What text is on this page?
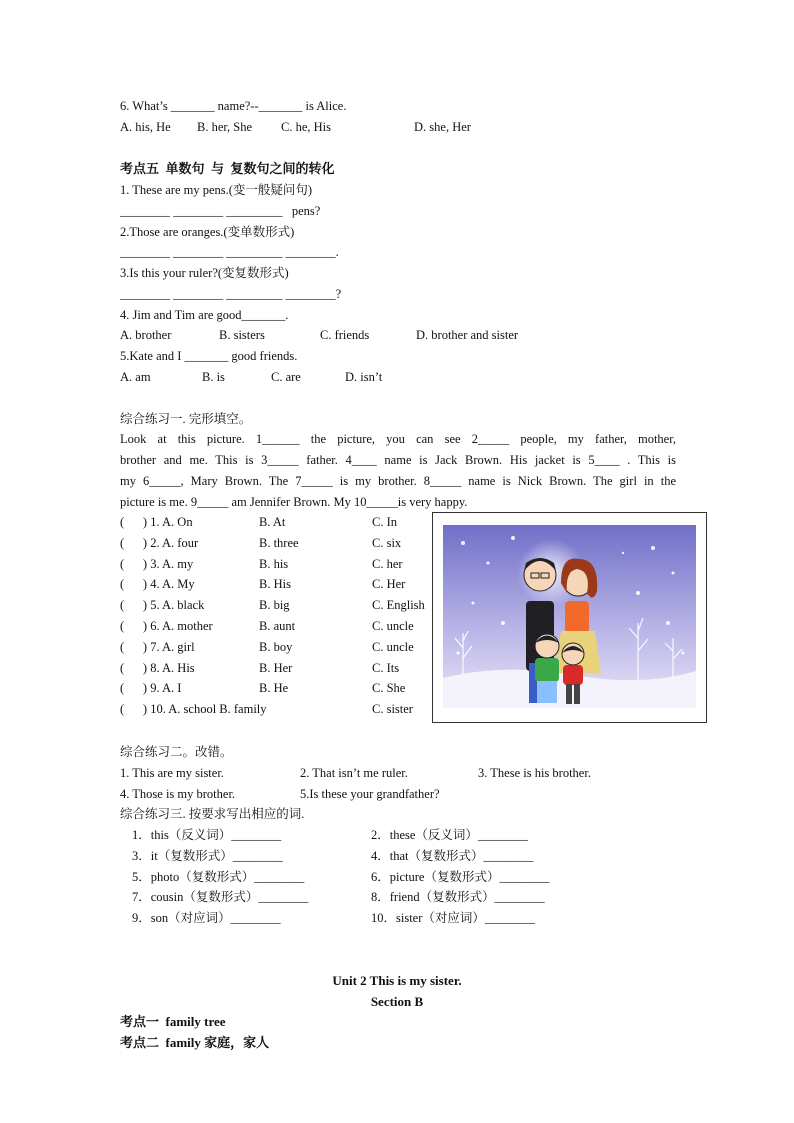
6. What’s _______ name?--_______ is Alice.
A. his, He B. her, She C. he, His	D. she, Her
考点五  单数句  与  复数句之间的转化
1. These are my pens.(变一般疑问句)
________ ________ _________   pens?
2.Those are oranges.(变单数形式)
________ ________ _________ ________.
3.Is this your ruler?(变复数形式)
________ ________ _________ ________?
4. Jim and Tim are good_______.
A. brother	B. sisters	C. friends	D. brother and sister
5.Kate and I _______ good friends.
A. am	B. is	C. are	D. isn’t
综合练习一. 完形填空。
Look at this picture. 1______ the picture, you can see 2_____ people, my father, mother,
brother and me. This is 3_____ father. 4____ name is Jack Brown. His jacket is 5____ . This is
my 6_____, Mary Brown. The 7_____ is my brother. 8_____ name is Nick Brown. The girl in the
picture is me. 9_____ am Jennifer Brown. My 10_____is very happy.
(      ) 1. A. On	B. At	C. In
(      ) 2. A. four	B. three	C. six
(      ) 3. A. my	B. his	C. her
(      ) 4. A. My	B. His	C. Her
(      ) 5. A. black	B. big	C. English
(      ) 6. A. mother	B. aunt	C. uncle
(      ) 7. A. girl	B. boy	C. uncle
(      ) 8. A. His	B. Her	C. Its
(      ) 9. A. I	B. He	C. She
(      ) 10. A. school B. family	C. sister
综合练习二。改错。
1. This are my sister.	2. That isn’t me ruler.	3. These is his brother.
4. Those is my brother.	5.Is these your grandfather?
综合练习三. 按要求写出相应的词.
1．this（反义词）________	2．these（反义词）________
3．it（复数形式）________	4．that（复数形式）________
5．photo（复数形式）________	6．picture（复数形式）________
7．cousin（复数形式）________	8．friend（复数形式）________
9．son（对应词）________	10．sister（对应词）________
Unit 2 This is my sister.
Section B
考点一  family tree
考点二  family 家庭，家人
